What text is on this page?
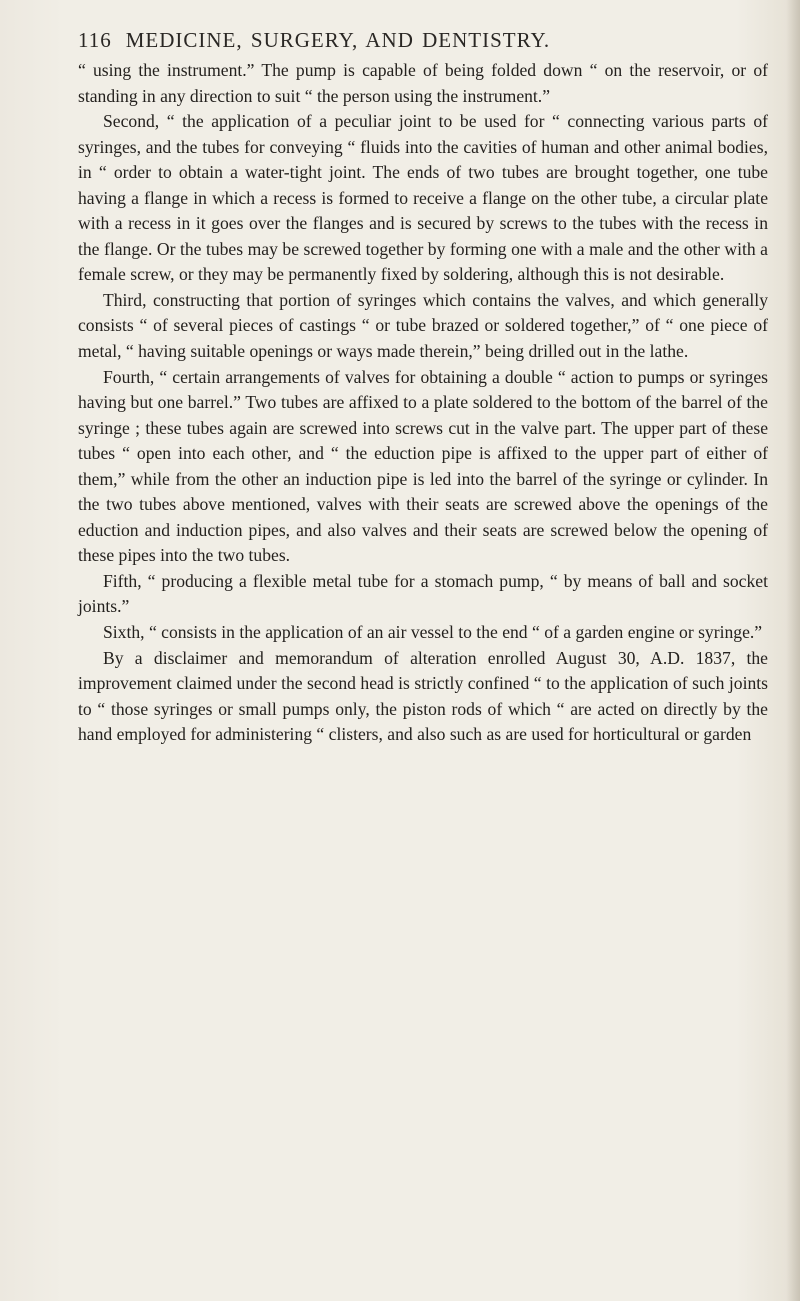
116 MEDICINE, SURGERY, AND DENTISTRY.

“ using the instrument.” The pump is capable of being folded down “ on the reservoir, or of standing in any direction to suit “ the person using the instrument.”

Second, “ the application of a peculiar joint to be used for “ connecting various parts of syringes, and the tubes for conveying “ fluids into the cavities of human and other animal bodies, in “ order to obtain a water-tight joint. The ends of two tubes are brought together, one tube having a flange in which a recess is formed to receive a flange on the other tube, a circular plate with a recess in it goes over the flanges and is secured by screws to the tubes with the recess in the flange. Or the tubes may be screwed together by forming one with a male and the other with a female screw, or they may be permanently fixed by soldering, although this is not desirable.

Third, constructing that portion of syringes which contains the valves, and which generally consists “ of several pieces of castings “ or tube brazed or soldered together,” of “ one piece of metal, “ having suitable openings or ways made therein,” being drilled out in the lathe.

Fourth, “ certain arrangements of valves for obtaining a double “ action to pumps or syringes having but one barrel.” Two tubes are affixed to a plate soldered to the bottom of the barrel of the syringe ; these tubes again are screwed into screws cut in the valve part. The upper part of these tubes “ open into each other, and “ the eduction pipe is affixed to the upper part of either of them,” while from the other an induction pipe is led into the barrel of the syringe or cylinder. In the two tubes above mentioned, valves with their seats are screwed above the openings of the eduction and induction pipes, and also valves and their seats are screwed below the opening of these pipes into the two tubes.

Fifth, “ producing a flexible metal tube for a stomach pump, “ by means of ball and socket joints.”

Sixth, “ consists in the application of an air vessel to the end “ of a garden engine or syringe.”

By a disclaimer and memorandum of alteration enrolled August 30, A.D. 1837, the improvement claimed under the second head is strictly confined “ to the application of such joints to “ those syringes or small pumps only, the piston rods of which “ are acted on directly by the hand employed for administering “ clisters, and also such as are used for horticultural or garden
